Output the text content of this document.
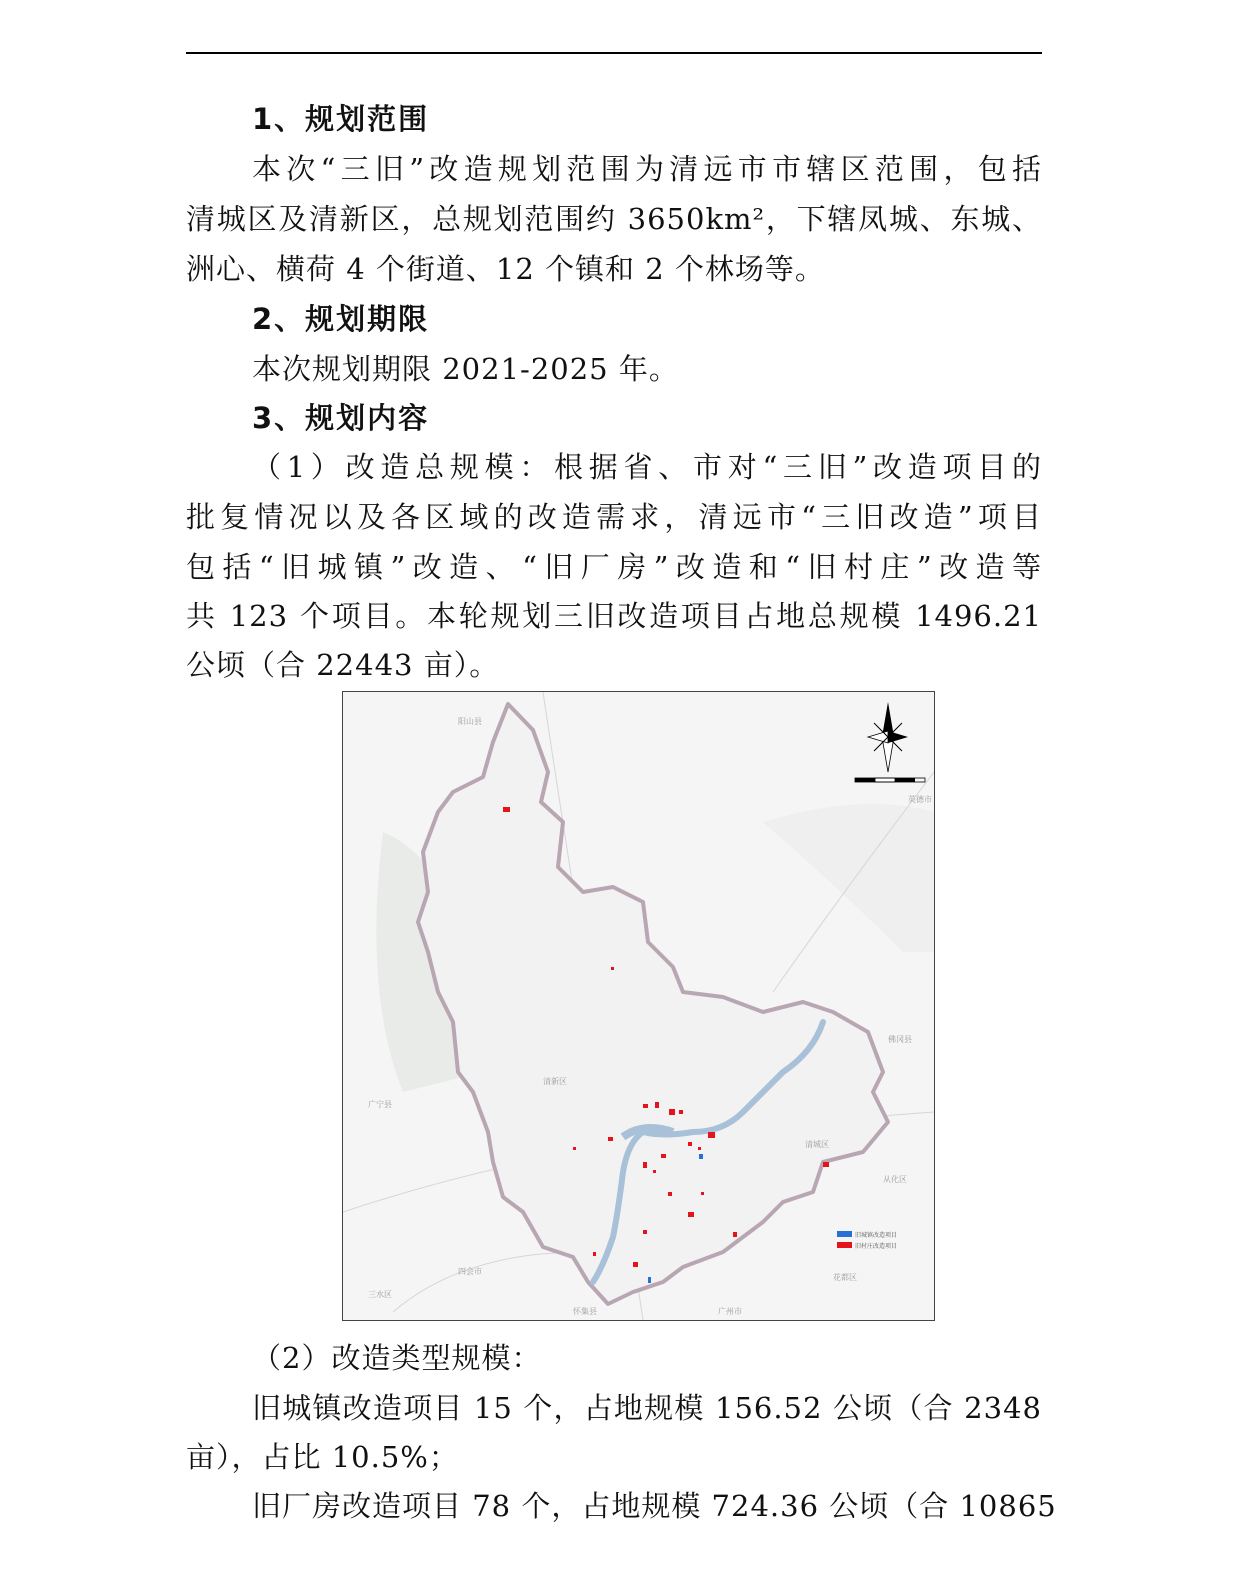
1、规划范围
本次“三旧”改造规划范围为清远市市辖区范围，包括
清城区及清新区，总规划范围约 3650km²，下辖凤城、东城、
洲心、横荷 4 个街道、12 个镇和 2 个林场等。
2、规划期限
本次规划期限 2021-2025 年。
3、规划内容
（1）改造总规模：根据省、市对“三旧”改造项目的
批复情况以及各区域的改造需求，清远市“三旧改造”项目
包括“旧城镇”改造、“旧厂房”改造和“旧村庄”改造等
共 123 个项目。本轮规划三旧改造项目占地总规模 1496.21
公顷（合 22443 亩）。
阳山县
英德市
清新区
清城区
佛冈县
广宁县
四会市
花都区
三水区
广州市
从化区
怀集县
旧城镇改造项目
旧村庄改造项目
（2）改造类型规模：
旧城镇改造项目 15 个，占地规模 156.52 公顷（合 2348
亩），占比 10.5%；
旧厂房改造项目 78 个，占地规模 724.36 公顷（合 10865
